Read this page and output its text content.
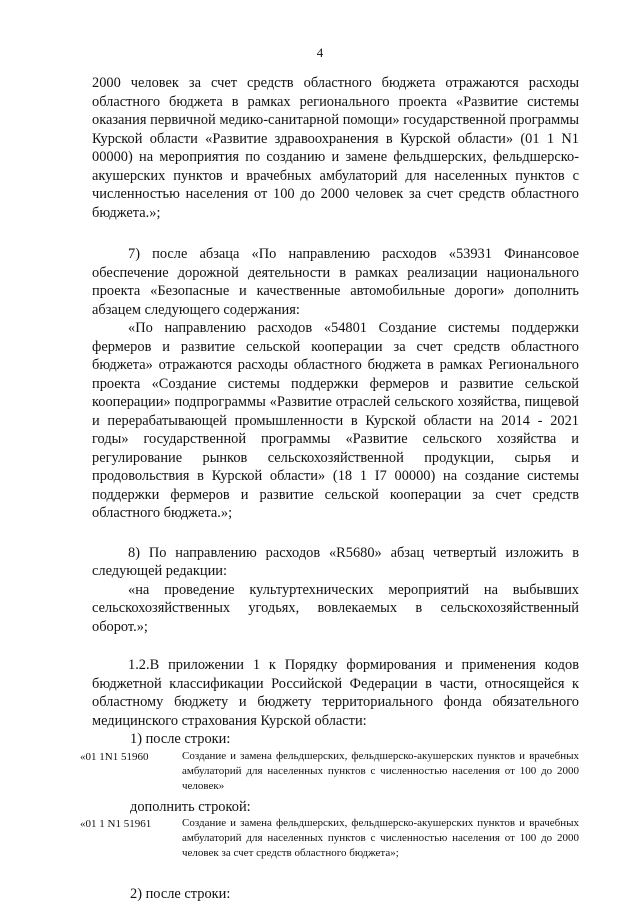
4

2000 человек за счет средств областного бюджета отражаются расходы областного бюджета в рамках регионального проекта «Развитие системы оказания первичной медико-санитарной помощи» государственной программы Курской области «Развитие здравоохранения в Курской области» (01 1 N1 00000) на мероприятия по созданию и замене фельдшерских, фельдшерско-акушерских пунктов и врачебных амбулаторий для населенных пунктов с численностью населения от 100 до 2000 человек за счет средств областного бюджета.»;

7) после абзаца «По направлению расходов «53931 Финансовое обеспечение дорожной деятельности в рамках реализации национального проекта «Безопасные и качественные автомобильные дороги» дополнить абзацем следующего содержания:

«По направлению расходов «54801 Создание системы поддержки фермеров и развитие сельской кооперации за счет средств областного бюджета» отражаются расходы областного бюджета в рамках Регионального проекта «Создание системы поддержки фермеров и развитие сельской кооперации» подпрограммы «Развитие отраслей сельского хозяйства, пищевой и перерабатывающей промышленности в Курской области на 2014 - 2021 годы» государственной программы «Развитие сельского хозяйства и регулирование рынков сельскохозяйственной продукции, сырья и продовольствия в Курской области» (18 1 I7 00000) на создание системы поддержки фермеров и развитие сельской кооперации за счет средств областного бюджета.»;

8) По направлению расходов «R5680» абзац четвертый изложить в следующей редакции:

«на проведение культуртехнических мероприятий на выбывших сельскохозяйственных угодьях, вовлекаемых в сельскохозяйственный оборот.»;

1.2.В приложении 1 к Порядку формирования и применения кодов бюджетной классификации Российской Федерации в части, относящейся к областному бюджету и бюджету территориального фонда обязательного медицинского страхования Курской области:

1) после строки:

«01 1N1 51960	Создание и замена фельдшерских, фельдшерско-акушерских пунктов и врачебных амбулаторий для населенных пунктов с численностью населения от 100 до 2000 человек»

дополнить строкой:

«01 1 N1 51961	Создание и замена фельдшерских, фельдшерско-акушерских пунктов и врачебных амбулаторий для населенных пунктов с численностью населения от 100 до 2000 человек за счет средств областного бюджета»;

2) после строки:
